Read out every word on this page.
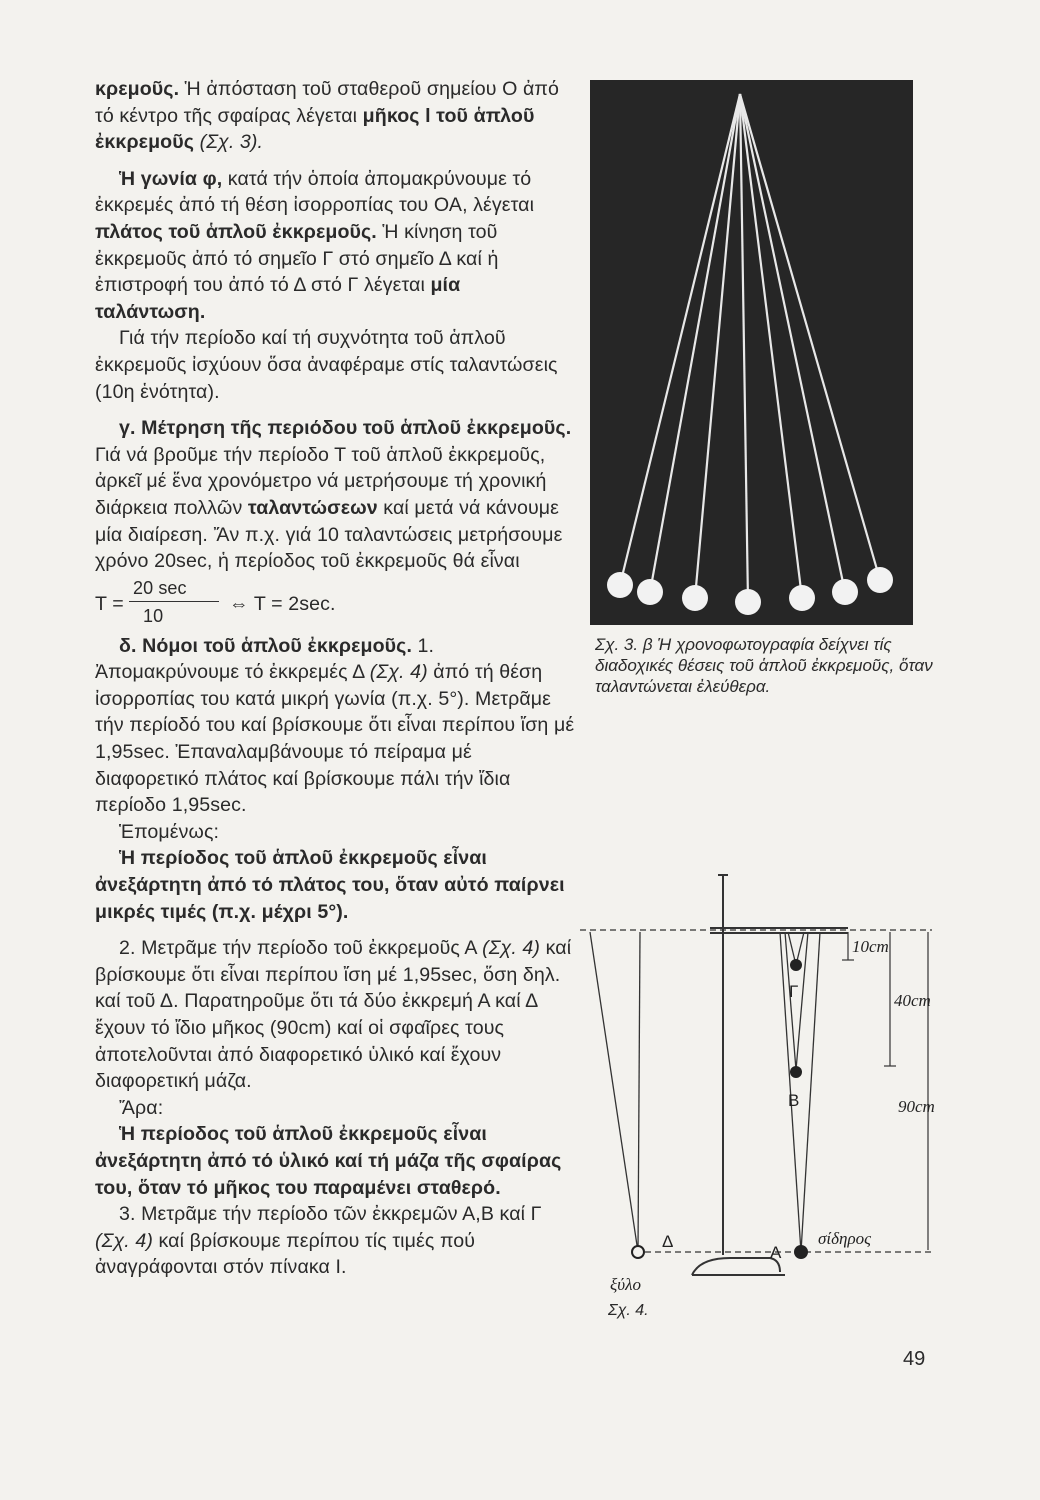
κρεμοῦς. Ἡ ἀπόσταση τοῦ σταθεροῦ σημείου Ο ἀπό τό κέντρο τῆς σφαίρας λέγεται μῆκος l τοῦ ἁπλοῦ ἐκκρεμοῦς (Σχ. 3).

Ἡ γωνία φ, κατά τήν ὁποία ἀπομακρύνουμε τό ἐκκρεμές ἀπό τή θέση ἰσορροπίας του ΟΑ, λέγεται πλάτος τοῦ ἁπλοῦ ἐκκρεμοῦς. Ἡ κίνηση τοῦ ἐκκρεμοῦς ἀπό τό σημεῖο Γ στό σημεῖο Δ καί ἡ ἐπιστροφή του ἀπό τό Δ στό Γ λέγεται μία ταλάντωση.

Γιά τήν περίοδο καί τή συχνότητα τοῦ ἁπλοῦ ἐκκρεμοῦς ἰσχύουν ὅσα ἀναφέραμε στίς ταλαντώσεις (10η ἑνότητα).

γ. Μέτρηση τῆς περιόδου τοῦ ἁπλοῦ ἐκκρεμοῦς. Γιά νά βροῦμε τήν περίοδο Τ τοῦ ἁπλοῦ ἐκκρεμοῦς, ἀρκεῖ μέ ἕνα χρονόμετρο νά μετρήσουμε τή χρονική διάρκεια πολλῶν ταλαντώσεων καί μετά νά κάνουμε μία διαίρεση. Ἄν π.χ. γιά 10 ταλαντώσεις μετρήσουμε χρόνο 20sec, ἡ περίοδος τοῦ ἐκκρεμοῦς θά εἶναι

T =
20 sec
10
⇔ T = 2sec.

δ. Νόμοι τοῦ ἁπλοῦ ἐκκρεμοῦς. 1. Ἀπομακρύνουμε τό ἐκκρεμές Δ (Σχ. 4) ἀπό τή θέση ἰσορροπίας του κατά μικρή γωνία (π.χ. 5°). Μετρᾶμε τήν περίοδό του καί βρίσκουμε ὅτι εἶναι περίπου ἴση μέ 1,95sec. Ἐπαναλαμβάνουμε τό πείραμα μέ διαφορετικό πλάτος καί βρίσκουμε πάλι τήν ἴδια περίοδο 1,95sec.

Ἑπομένως:

Ἡ περίοδος τοῦ ἁπλοῦ ἐκκρεμοῦς εἶναι ἀνεξάρτητη ἀπό τό πλάτος του, ὅταν αὐτό παίρνει μικρές τιμές (π.χ. μέχρι 5°).

2. Μετρᾶμε τήν περίοδο τοῦ ἐκκρεμοῦς Α (Σχ. 4) καί βρίσκουμε ὅτι εἶναι περίπου ἴση μέ 1,95sec, ὅση δηλ. καί τοῦ Δ. Παρατηροῦμε ὅτι τά δύο ἐκκρεμή Α καί Δ ἔχουν τό ἴδιο μῆκος (90cm) καί οἱ σφαῖρες τους ἀποτελοῦνται ἀπό διαφορετικό ὑλικό καί ἔχουν διαφορετική μάζα.

Ἄρα:

Ἡ περίοδος τοῦ ἁπλοῦ ἐκκρεμοῦς εἶναι ἀνεξάρτητη ἀπό τό ὑλικό καί τή μάζα τῆς σφαίρας του, ὅταν τό μῆκος του παραμένει σταθερό.

3. Μετρᾶμε τήν περίοδο τῶν ἐκκρεμῶν Α,Β καί Γ (Σχ. 4) καί βρίσκουμε περίπου τίς τιμές πού ἀναγράφονται στόν πίνακα Ι.

Σχ. 3. β Ἡ χρονοφωτογραφία δείχνει τίς διαδοχικές θέσεις τοῦ ἁπλοῦ ἐκκρεμοῦς, ὅταν ταλαντώνεται ἐλεύθερα.
10cm
40cm
90cm
Γ
Β
Α
Δ
ξύλο
σίδηρος
Σχ. 4.
49
